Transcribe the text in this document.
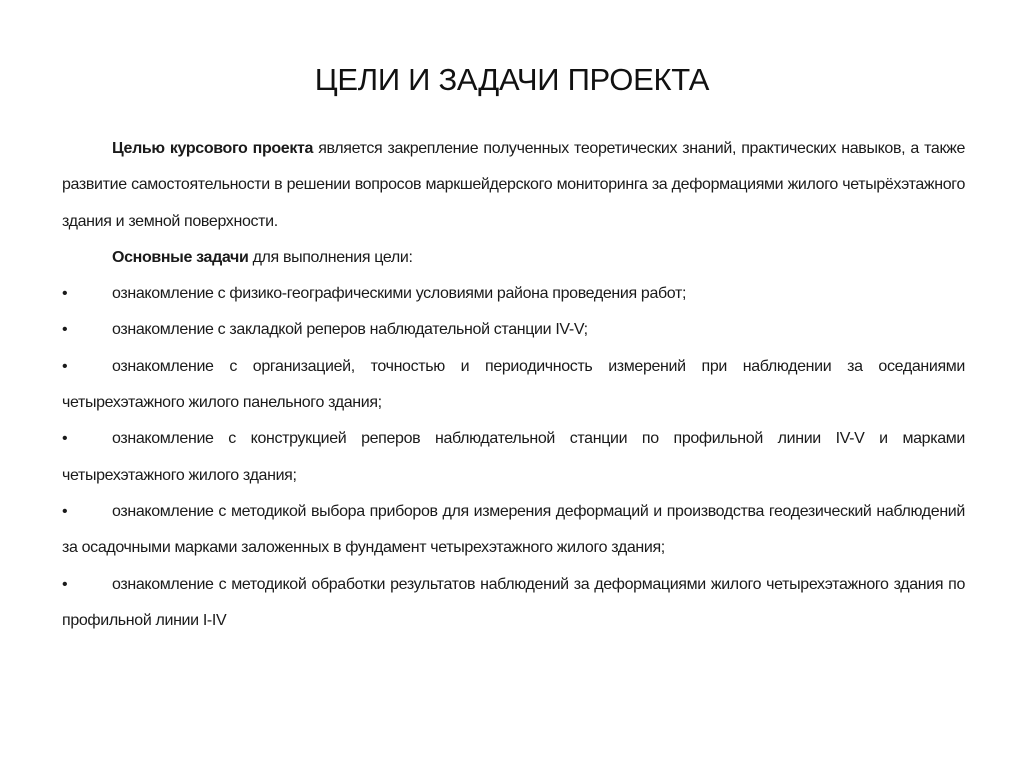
ЦЕЛИ И ЗАДАЧИ ПРОЕКТА

Целью курсового проекта является закрепление полученных теоретических знаний, практических навыков, а также развитие самостоятельности в решении вопросов маркшейдерского мониторинга за деформациями жилого четырёхэтажного здания и земной поверхности.

Основные задачи для выполнения цели:

•	ознакомление с физико-географическими условиями района проведения работ;

•	ознакомление с закладкой реперов наблюдательной станции IV-V;

•	ознакомление с организацией, точностью и периодичность измерений при наблюдении за оседаниями четырехэтажного жилого панельного здания;

•	ознакомление с конструкцией реперов наблюдательной станции по профильной линии IV-V и марками четырехэтажного жилого здания;

•	ознакомление с методикой выбора приборов для измерения деформаций и производства геодезический наблюдений за осадочными марками заложенных в фундамент четырехэтажного жилого здания;

•	ознакомление с методикой обработки результатов наблюдений за деформациями жилого четырехэтажного здания по профильной линии I-IV
